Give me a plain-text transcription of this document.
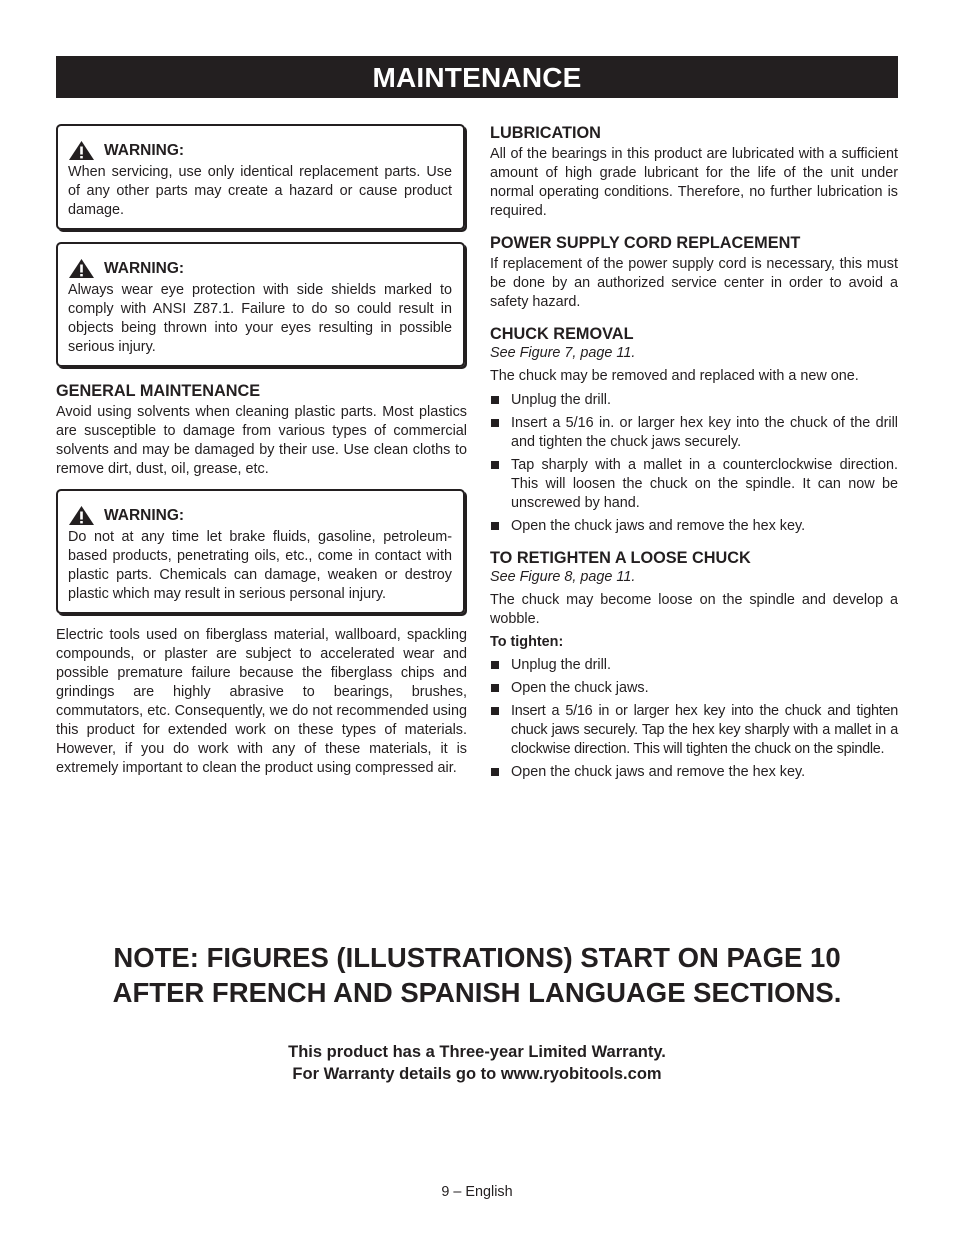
MAINTENANCE
WARNING:

When servicing, use only identical replacement parts. Use of any other parts may create a hazard or cause product damage.

WARNING:

Always wear eye protection with side shields marked to comply with ANSI Z87.1. Failure to do so could result in objects being thrown into your eyes resulting in possible serious injury.

GENERAL MAINTENANCE

Avoid using solvents when cleaning plastic parts. Most plastics are susceptible to damage from various types of commercial solvents and may be damaged by their use. Use clean cloths to remove dirt, dust, oil, grease, etc.

WARNING:

Do not at any time let brake fluids, gasoline, petroleum-based products, penetrating oils, etc., come in contact with plastic parts. Chemicals can damage, weaken or destroy plastic which may result in serious personal injury.

Electric tools used on fiberglass material, wallboard, spackling compounds, or plaster are subject to accelerated wear and possible premature failure because the fiberglass chips and grindings are highly abrasive to bearings, brushes, commutators, etc. Consequently, we do not recommended using this product for extended work on these types of materials. However, if you do work with any of these materials, it is extremely important to clean the product using compressed air.

LUBRICATION

All of the bearings in this product are lubricated with a sufficient amount of high grade lubricant for the life of the unit under normal operating conditions. Therefore, no further lubrication is required.

POWER SUPPLY CORD REPLACEMENT

If replacement of the power supply cord is necessary, this must be done by an authorized service center in order to avoid a safety hazard.

CHUCK REMOVAL

See Figure 7, page 11.

The chuck may be removed and replaced with a new one.

Unplug the drill.
Insert a 5/16 in. or larger hex key into the chuck of the drill and tighten the chuck jaws securely.
Tap sharply with a mallet in a counterclockwise direction. This will loosen the chuck on the spindle. It can now be unscrewed by hand.
Open the chuck jaws and remove the hex key.
TO RETIGHTEN A LOOSE CHUCK

See Figure 8, page 11.

The chuck may become loose on the spindle and develop a wobble.

To tighten:
Unplug the drill.
Open the chuck jaws.
Insert a 5/16 in or larger hex key into the chuck and tighten chuck jaws securely. Tap the hex key sharply with a mallet in a clockwise direction. This will tighten the chuck on the spindle.
Open the chuck jaws and remove the hex key.
NOTE: FIGURES (ILLUSTRATIONS) START ON PAGE 10
AFTER FRENCH AND SPANISH LANGUAGE SECTIONS.
This product has a Three-year Limited Warranty.
For Warranty details go to www.ryobitools.com
9 – English
